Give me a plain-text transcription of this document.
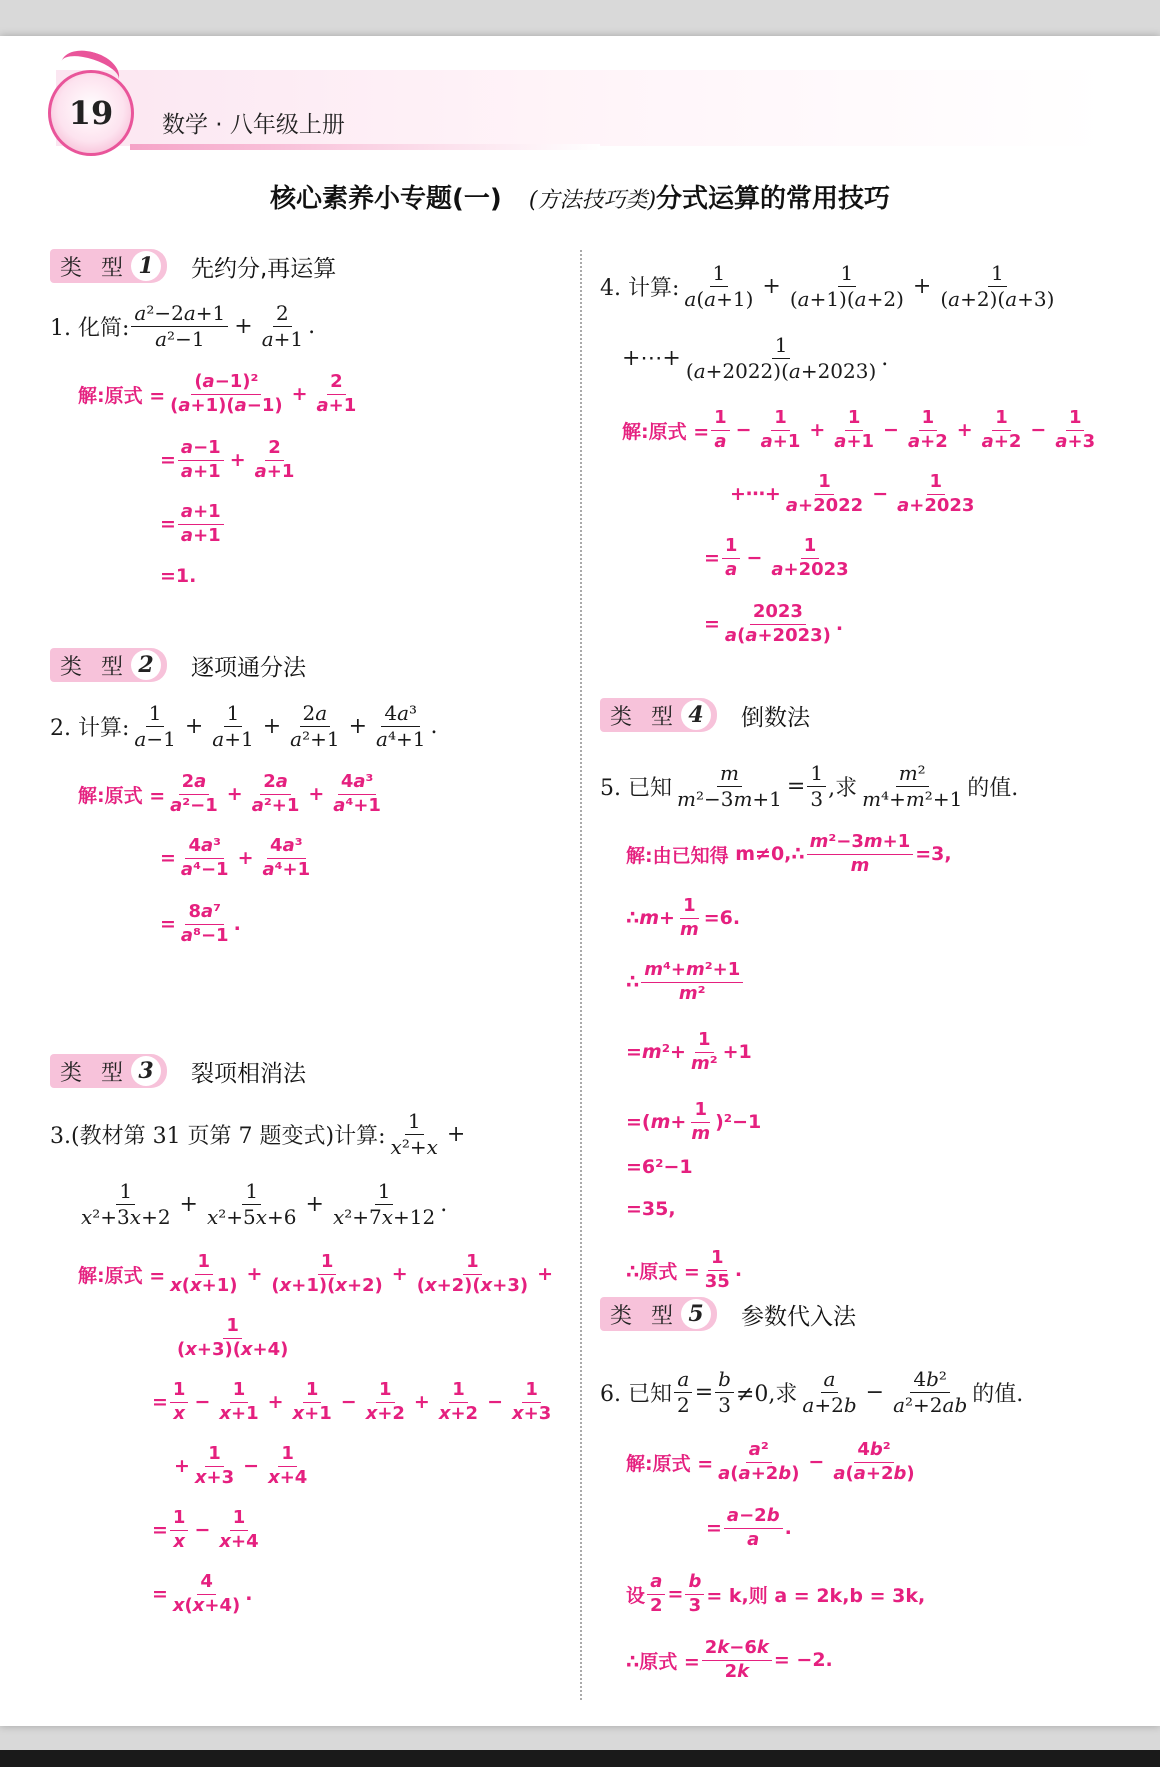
19 数学 · 八年级上册
核心素养小专题(一) (方法技巧类)分式运算的常用技巧
类 型 1	先约分,再运算
类 型 2	逐项通分法
类 型 3	裂项相消法
类 型 4	倒数法
类 型 5	参数代入法
1. 化简: $\frac{\text{a²−2a+1}}{\text{a²−1}} + \frac{2}{a+1}$ .
解:原式 = $\frac{\text{(a−1)²}}{(a+1)(a-1)} + \frac{2}{a+1}$
= $\frac{a-1}{a+1} + \frac{2}{a+1}$
= $\frac{a+1}{a+1}$
=1.
2. 计算: $\frac{1}{a-1} + \frac{1}{a+1} + \frac{2a}{\text{a²+1}} + \frac{\text{4a³}}{\text{a⁴+1}}$ .
解:原式 = $\frac{2a}{\text{a²−1}} + \frac{2a}{\text{a²+1}} + \frac{\text{4a³}}{\text{a⁴+1}}$
= $\frac{\text{4a³}}{\text{a⁴−1}} + \frac{\text{4a³}}{\text{a⁴+1}}$
= $\frac{\text{8a⁷}}{\text{a⁸−1}}$ .
3.(教材第 31 页第 7 题变式)计算: $\frac{1}{\text{x²+x}}$ +
$\frac{1}{\text{x²+3x+2}} + \frac{1}{\text{x²+5x+6}} + \frac{1}{\text{x²+7x+12}}$ .
解:原式 = $\frac{1}{x(x+1)} + \frac{1}{(x+1)(x+2)} + \frac{1}{(x+2)(x+3)}$ +
$\frac{1}{(x+3)(x+4)}$
= $\frac{1}{x} - \frac{1}{x+1} + \frac{1}{x+1} - \frac{1}{x+2} + \frac{1}{x+2} - \frac{1}{x+3}$
+ $\frac{1}{x+3} - \frac{1}{x+4}$
= $\frac{1}{x} - \frac{1}{x+4}$
= $\frac{4}{x(x+4)}$ .
4. 计算: $\frac{1}{a(a+1)} + \frac{1}{(a+1)(a+2)} + \frac{1}{(a+2)(a+3)}$
+⋯+ $\frac{1}{(a+2022)(a+2023)}$ .
解:原式 = $\frac{1}{a} - \frac{1}{a+1} + \frac{1}{a+1} - \frac{1}{a+2} + \frac{1}{a+2} - \frac{1}{a+3}$
+⋯+ $\frac{1}{a+2022} - \frac{1}{a+2023}$
= $\frac{1}{a} - \frac{1}{a+2023}$
= $\frac{2023}{a(a+2023)}$ .
5. 已知 $\frac{m}{\text{m²−3m+1}} = \frac{1}{3}$ ,求 $\frac{\text{m²}}{\text{m⁴+m²+1}}$ 的值.
解:由已知得
m≠0,∴ $\frac{\text{m²−3m+1}}{m} =3$,
∴ $m + \frac{1}{m} =6$.
∴ $\frac{\text{m⁴+m²+1}}{\text{m²}}$
= m $^2+ \frac{1}{\text{m²}} +1$
=( $m + \frac{1}{m} )^2-1$
=6²−1
=35,
∴原式 = $\frac{1}{35}$ .
6. 已知 $\frac{a}{2} = \frac{b}{3} \ne 0$,求 $\frac{a}{a+2b} - \frac{\text{4b²}}{\text{a²+2ab}}$ 的值.
解:原式 = $\frac{\text{a²}}{a(a+2b)} - \frac{\text{4b²}}{a(a+2b)}$
= $\frac{a-2b}{a}$ .
设 $\frac{a}{2} = \frac{b}{3} = k$,则 a = 2k,b = 3k,
∴原式 = $\frac{2k-6k}{2k} = -2$.
